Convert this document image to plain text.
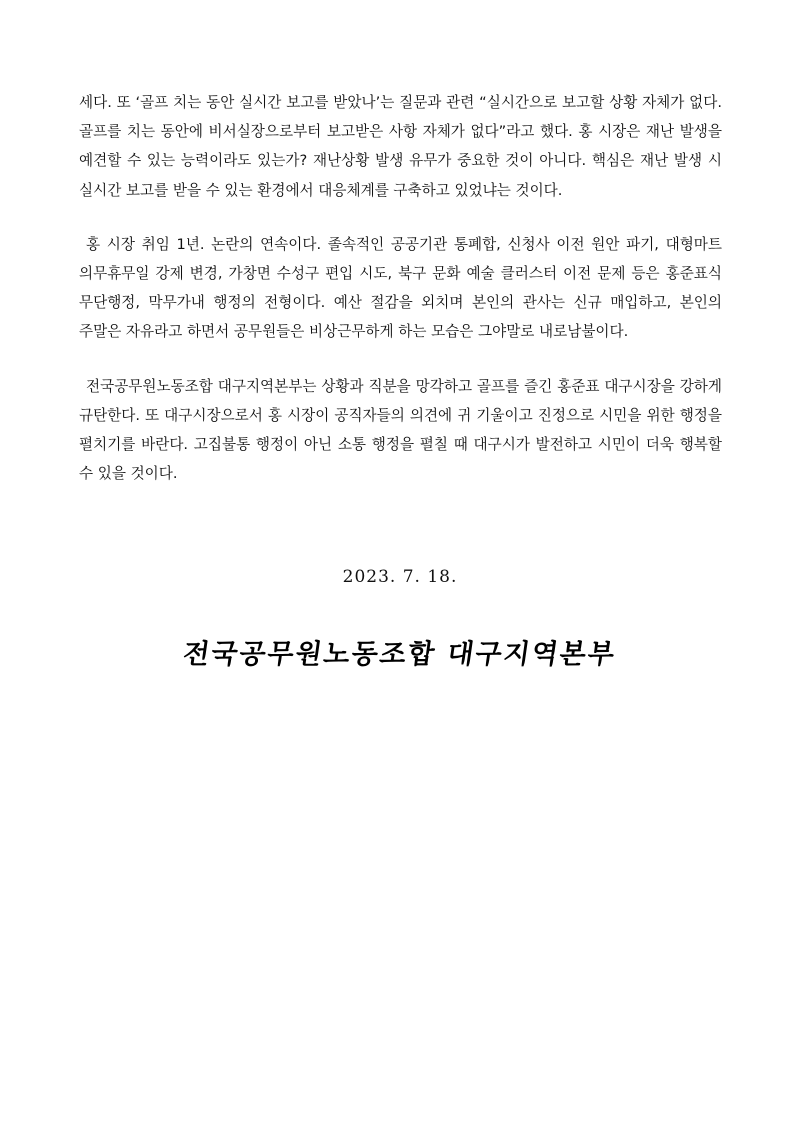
세다. 또 ‘골프 치는 동안 실시간 보고를 받았나’는 질문과 관련 “실시간으로 보고할 상황 자체가 없다. 골프를 치는 동안에 비서실장으로부터 보고받은 사항 자체가 없다”라고 했다. 홍 시장은 재난 발생을 예견할 수 있는 능력이라도 있는가? 재난상황 발생 유무가 중요한 것이 아니다. 핵심은 재난 발생 시 실시간 보고를 받을 수 있는 환경에서 대응체계를 구축하고 있었냐는 것이다.

홍 시장 취임 1년. 논란의 연속이다. 졸속적인 공공기관 통폐합, 신청사 이전 원안 파기, 대형마트 의무휴무일 강제 변경, 가창면 수성구 편입 시도, 북구 문화 예술 클러스터 이전 문제 등은 홍준표식 무단행정, 막무가내 행정의 전형이다. 예산 절감을 외치며 본인의 관사는 신규 매입하고, 본인의 주말은 자유라고 하면서 공무원들은 비상근무하게 하는 모습은 그야말로 내로남불이다.

전국공무원노동조합 대구지역본부는 상황과 직분을 망각하고 골프를 즐긴 홍준표 대구시장을 강하게 규탄한다. 또 대구시장으로서 홍 시장이 공직자들의 의견에 귀 기울이고 진정으로 시민을 위한 행정을 펼치기를 바란다. 고집불통 행정이 아닌 소통 행정을 펼칠 때 대구시가 발전하고 시민이 더욱 행복할 수 있을 것이다.

2023. 7. 18.
전국공무원노동조합 대구지역본부
